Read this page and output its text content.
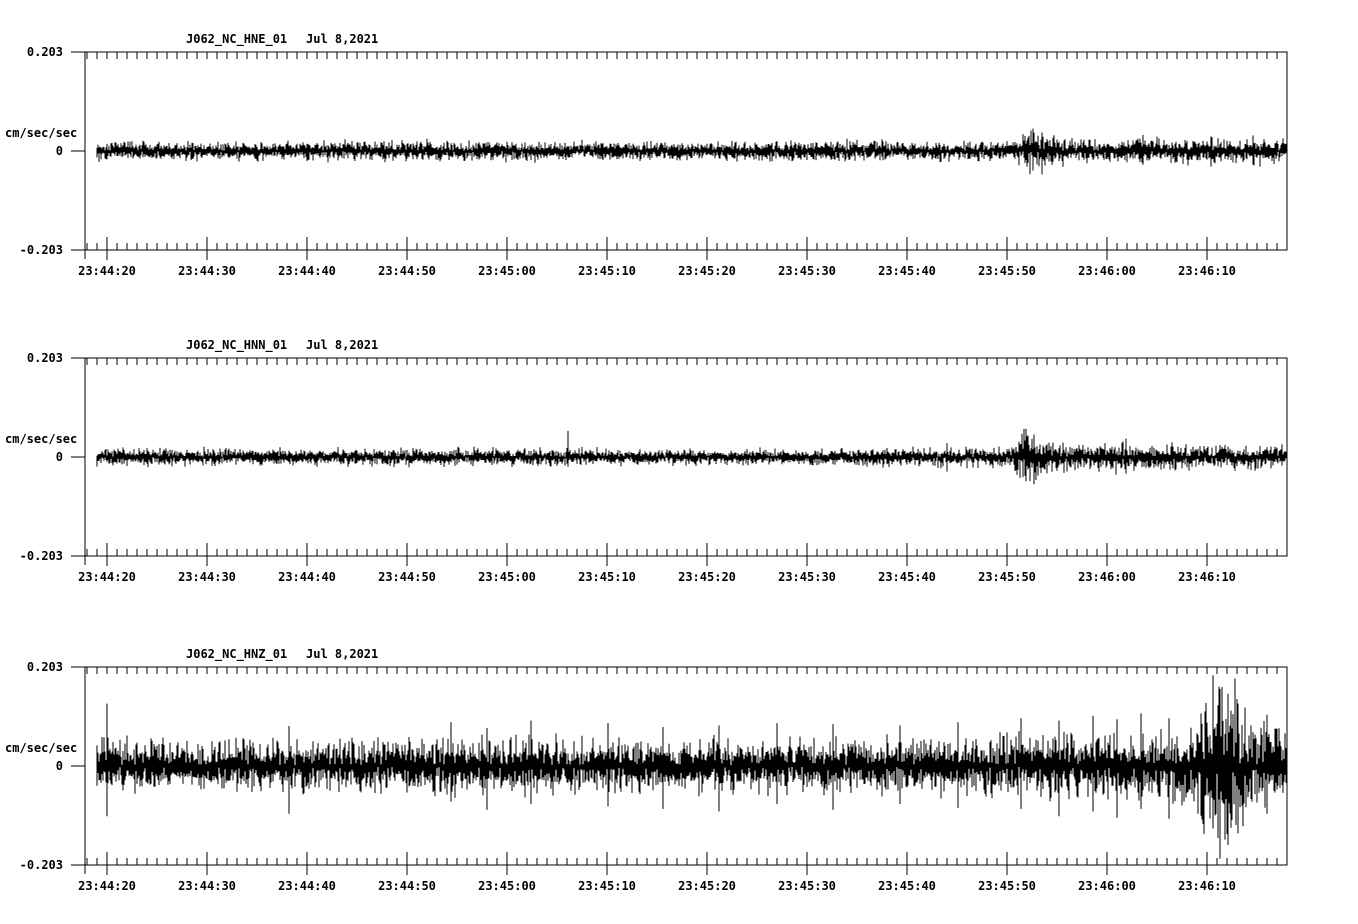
23:44:20	23:44:30	23:44:40	23:44:50	23:45:00	23:45:10	23:45:20	23:45:30	23:45:40	23:45:50	23:46:00	23:46:10
0.203
0
-0.203
cm/sec/sec
J062_NC_HNE_01 Jul 8,2021
23:44:20	23:44:30	23:44:40	23:44:50	23:45:00	23:45:10	23:45:20	23:45:30	23:45:40	23:45:50	23:46:00	23:46:10
0.203
0
-0.203
cm/sec/sec
J062_NC_HNN_01 Jul 8,2021
23:44:20	23:44:30	23:44:40	23:44:50	23:45:00	23:45:10	23:45:20	23:45:30	23:45:40	23:45:50	23:46:00	23:46:10
0.203
0
-0.203
cm/sec/sec
J062_NC_HNZ_01 Jul 8,2021
